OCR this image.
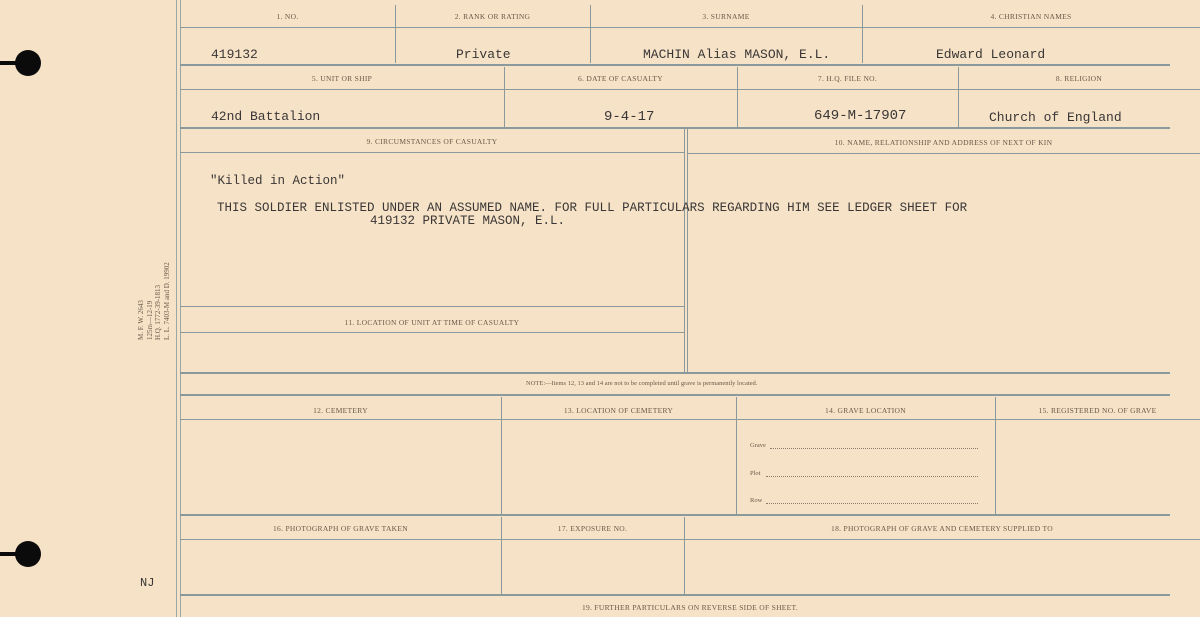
M. F. W. 2643 125m—12-19 H.Q. 1772-39-1813 L. L. 7403-M and D. 19902
NJ
1. NO.	2. RANK OR RATING	3. SURNAME	4. CHRISTIAN NAMES
419132	Private	MACHIN Alias MASON, E.L.	Edward Leonard
5. UNIT OR SHIP	6. DATE OF CASUALTY	7. H.Q. FILE NO.	8. RELIGION
42nd Battalion	9-4-17	649-M-17907	Church of England
9. CIRCUMSTANCES OF CASUALTY	10. NAME, RELATIONSHIP AND ADDRESS OF NEXT OF KIN
"Killed in Action"
THIS SOLDIER ENLISTED UNDER AN ASSUMED NAME. FOR FULL PARTICULARS REGARDING HIM SEE LEDGER SHEET FOR
419132 PRIVATE MASON, E.L.
11. LOCATION OF UNIT AT TIME OF CASUALTY
NOTE:—Items 12, 13 and 14 are not to be completed until grave is permanently located.
12. CEMETERY	13. LOCATION OF CEMETERY	14. GRAVE LOCATION	15. REGISTERED NO. OF GRAVE
Grave
Plot
Row
16. PHOTOGRAPH OF GRAVE TAKEN	17. EXPOSURE NO.	18. PHOTOGRAPH OF GRAVE AND CEMETERY SUPPLIED TO
19. FURTHER PARTICULARS ON REVERSE SIDE OF SHEET.
